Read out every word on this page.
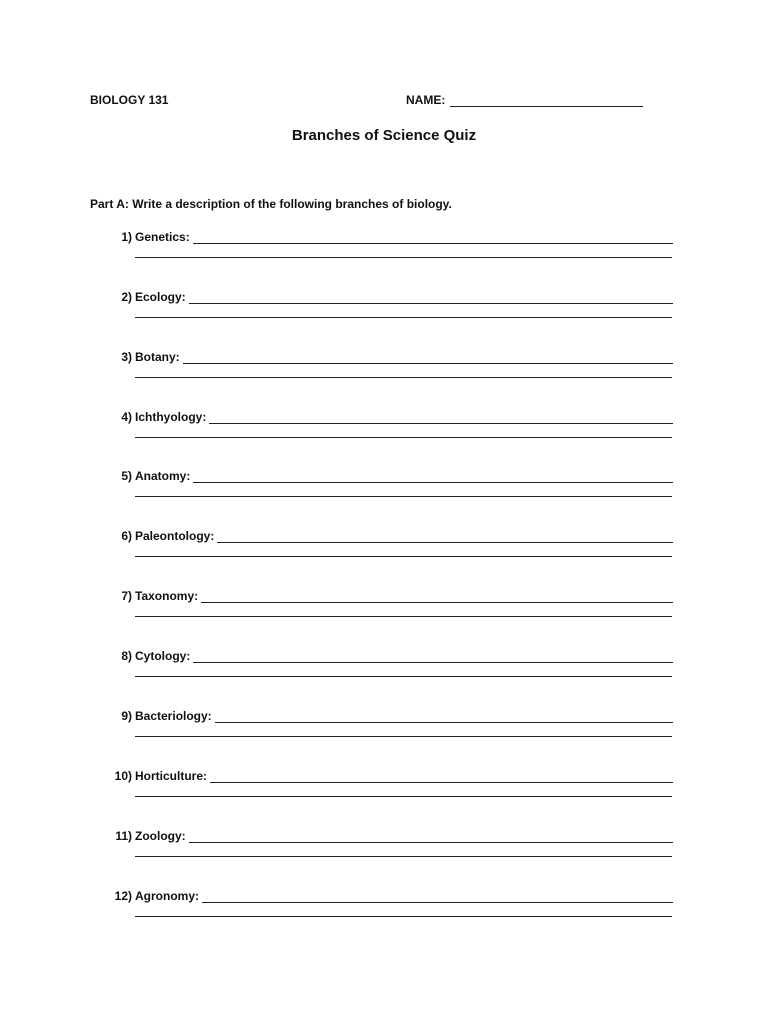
BIOLOGY 131	NAME:
Branches of Science Quiz
Part A: Write a description of the following branches of biology.
1) Genetics:
2) Ecology:
3) Botany:
4) Ichthyology:
5) Anatomy:
6) Paleontology:
7) Taxonomy:
8) Cytology:
9) Bacteriology:
10) Horticulture:
11) Zoology:
12) Agronomy:
